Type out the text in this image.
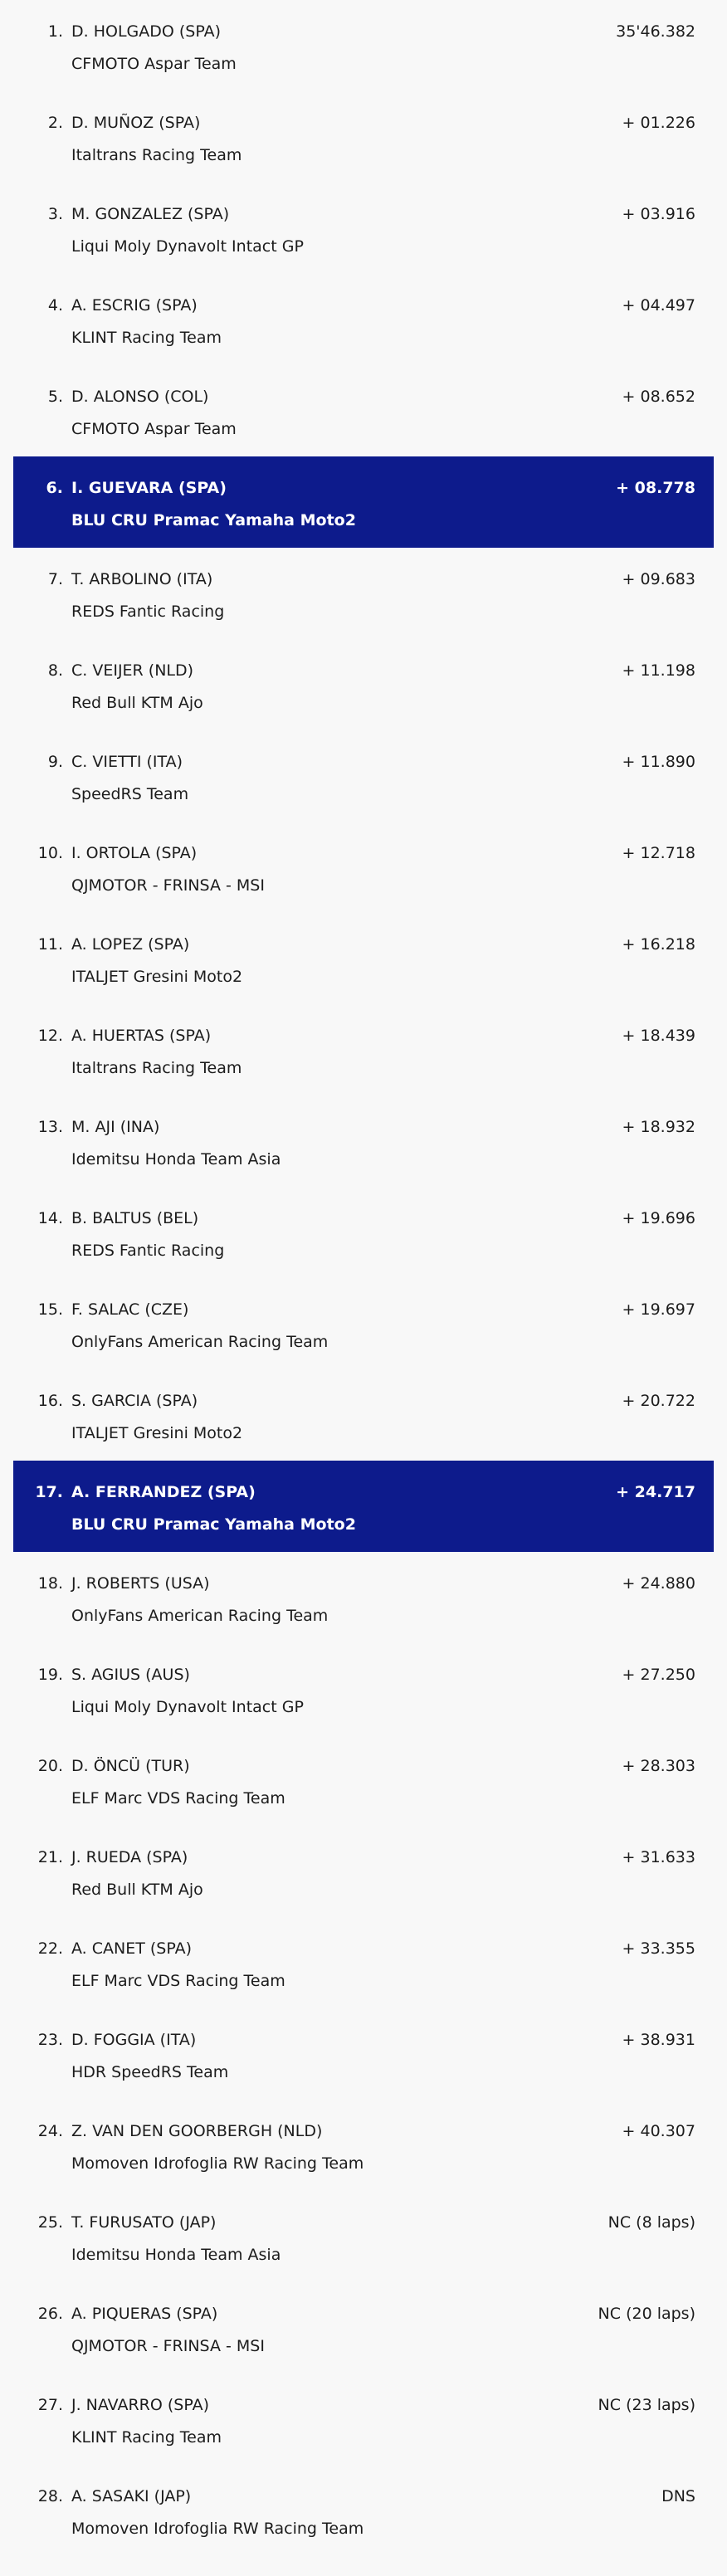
1. D. HOLGADO (SPA)
CFMOTO Aspar Team
35'46.382
2. D. MUÑOZ (SPA)
Italtrans Racing Team
+ 01.226
3. M. GONZALEZ (SPA)
Liqui Moly Dynavolt Intact GP
+ 03.916
4. A. ESCRIG (SPA)
KLINT Racing Team
+ 04.497
5. D. ALONSO (COL)
CFMOTO Aspar Team
+ 08.652
6. I. GUEVARA (SPA)
BLU CRU Pramac Yamaha Moto2
+ 08.778
7. T. ARBOLINO (ITA)
REDS Fantic Racing
+ 09.683
8. C. VEIJER (NLD)
Red Bull KTM Ajo
+ 11.198
9. C. VIETTI (ITA)
SpeedRS Team
+ 11.890
10. I. ORTOLA (SPA)
QJMOTOR - FRINSA - MSI
+ 12.718
11. A. LOPEZ (SPA)
ITALJET Gresini Moto2
+ 16.218
12. A. HUERTAS (SPA)
Italtrans Racing Team
+ 18.439
13. M. AJI (INA)
Idemitsu Honda Team Asia
+ 18.932
14. B. BALTUS (BEL)
REDS Fantic Racing
+ 19.696
15. F. SALAC (CZE)
OnlyFans American Racing Team
+ 19.697
16. S. GARCIA (SPA)
ITALJET Gresini Moto2
+ 20.722
17. A. FERRANDEZ (SPA)
BLU CRU Pramac Yamaha Moto2
+ 24.717
18. J. ROBERTS (USA)
OnlyFans American Racing Team
+ 24.880
19. S. AGIUS (AUS)
Liqui Moly Dynavolt Intact GP
+ 27.250
20. D. ÖNCÜ (TUR)
ELF Marc VDS Racing Team
+ 28.303
21. J. RUEDA (SPA)
Red Bull KTM Ajo
+ 31.633
22. A. CANET (SPA)
ELF Marc VDS Racing Team
+ 33.355
23. D. FOGGIA (ITA)
HDR SpeedRS Team
+ 38.931
24. Z. VAN DEN GOORBERGH (NLD)
Momoven Idrofoglia RW Racing Team
+ 40.307
25. T. FURUSATO (JAP)
Idemitsu Honda Team Asia
NC (8 laps)
26. A. PIQUERAS (SPA)
QJMOTOR - FRINSA - MSI
NC (20 laps)
27. J. NAVARRO (SPA)
KLINT Racing Team
NC (23 laps)
28. A. SASAKI (JAP)
Momoven Idrofoglia RW Racing Team
DNS
